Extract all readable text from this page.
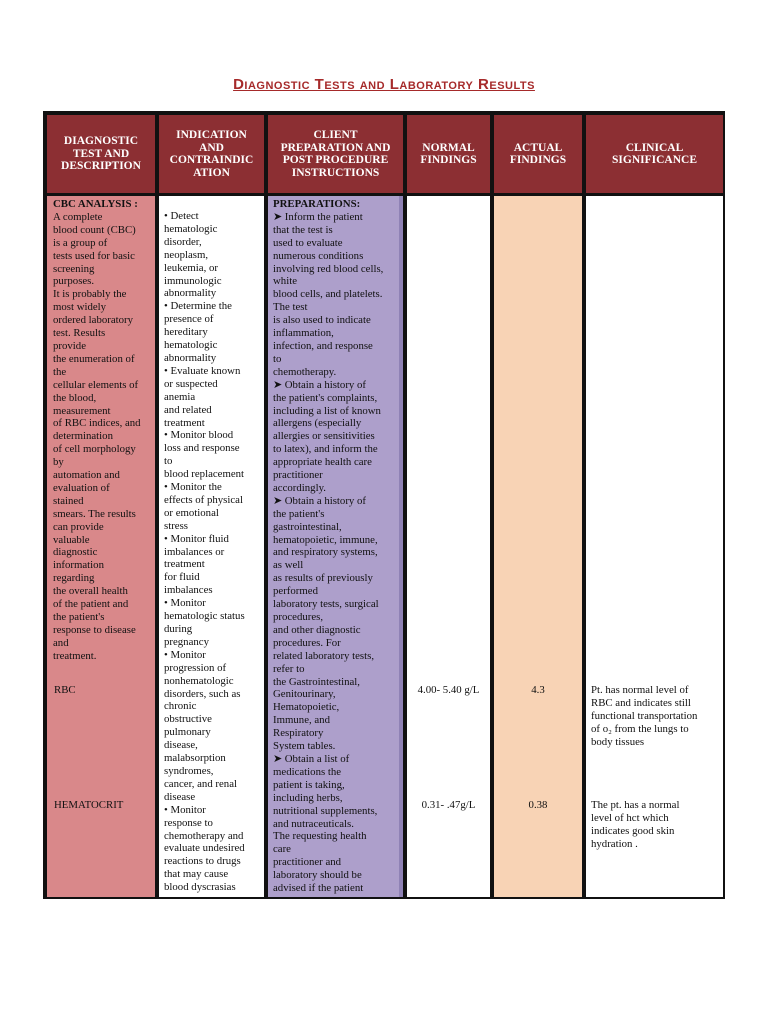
Diagnostic Tests and Laboratory Results
DIAGNOSTIC TEST AND DESCRIPTION
INDICATION AND CONTRAINDIC ATION
CLIENT PREPARATION AND POST PROCEDURE INSTRUCTIONS
NORMAL FINDINGS
ACTUAL FINDINGS
CLINICAL SIGNIFICANCE
CBC ANALYSIS :
A complete
blood count (CBC)
is a group of
tests used for basic
screening
purposes.
It is probably the
most widely
ordered laboratory
test. Results
provide
the enumeration of
the
cellular elements of
the blood,
measurement
of RBC indices, and
determination
of cell morphology
by
automation and
evaluation of
stained
smears. The results
can provide
valuable
diagnostic
information
regarding
the overall health
of the patient and
the patient's
response to disease
and
treatment.
RBC
HEMATOCRIT
• Detect
hematologic
disorder,
neoplasm,
leukemia, or
immunologic
abnormality
• Determine the
presence of
hereditary
hematologic
abnormality
• Evaluate known
or suspected
anemia
and related
treatment
• Monitor blood
loss and response
to
blood replacement
• Monitor the
effects of physical
or emotional
stress
• Monitor fluid
imbalances or
treatment
for fluid
imbalances
• Monitor
hematologic status
during
pregnancy
• Monitor
progression of
nonhematologic
disorders, such as
chronic
obstructive
pulmonary
disease,
malabsorption
syndromes,
cancer, and renal
disease
• Monitor
response to
chemotherapy and
evaluate undesired
reactions to drugs
that may cause
blood dyscrasias
PREPARATIONS:
➤ Inform the patient
that the test is
used to evaluate
numerous conditions
involving red blood cells,
white
blood cells, and platelets.
The test
is also used to indicate
inflammation,
infection, and response
to
chemotherapy.
➤ Obtain a history of
the patient's complaints,
including a list of known
allergens (especially
allergies or sensitivities
to latex), and inform the
appropriate health care
practitioner
accordingly.
➤ Obtain a history of
the patient's
gastrointestinal,
hematopoietic, immune,
and respiratory systems,
as well
as results of previously
performed
laboratory tests, surgical
procedures,
and other diagnostic
procedures. For
related laboratory tests,
refer to
the Gastrointestinal,
Genitourinary,
Hematopoietic,
Immune, and
Respiratory
System tables.
➤ Obtain a list of
medications the
patient is taking,
including herbs,
nutritional supplements,
and nutraceuticals.
The requesting health
care
practitioner and
laboratory should be
advised if the patient
4.00- 5.40 g/L
0.31- .47g/L
4.3
0.38
Pt. has normal level of
RBC and indicates still
functional transportation
of o₂ from the lungs to
body tissues
The pt. has a normal
level of hct which
indicates good skin
hydration .
